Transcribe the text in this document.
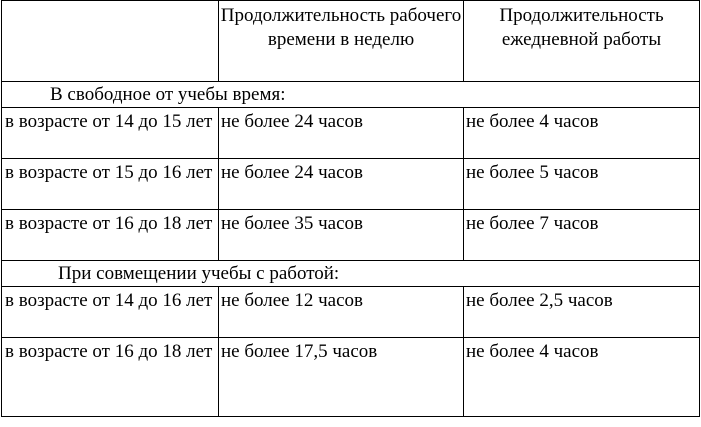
	Продолжительность рабочего времени в неделю	Продолжительность ежедневной работы
В свободное от учебы время:		
в возрасте от 14 до 15 лет	не более 24 часов	не более 4 часов
в возрасте от 15 до 16 лет	не более 24 часов	не более 5 часов
в возрасте от 16 до 18 лет	не более 35 часов	не более 7 часов
При совмещении учебы с работой:		
в возрасте от 14 до 16 лет	не более 12 часов	не более 2,5 часов
в возрасте от 16 до 18 лет	не более 17,5 часов	не более 4 часов
